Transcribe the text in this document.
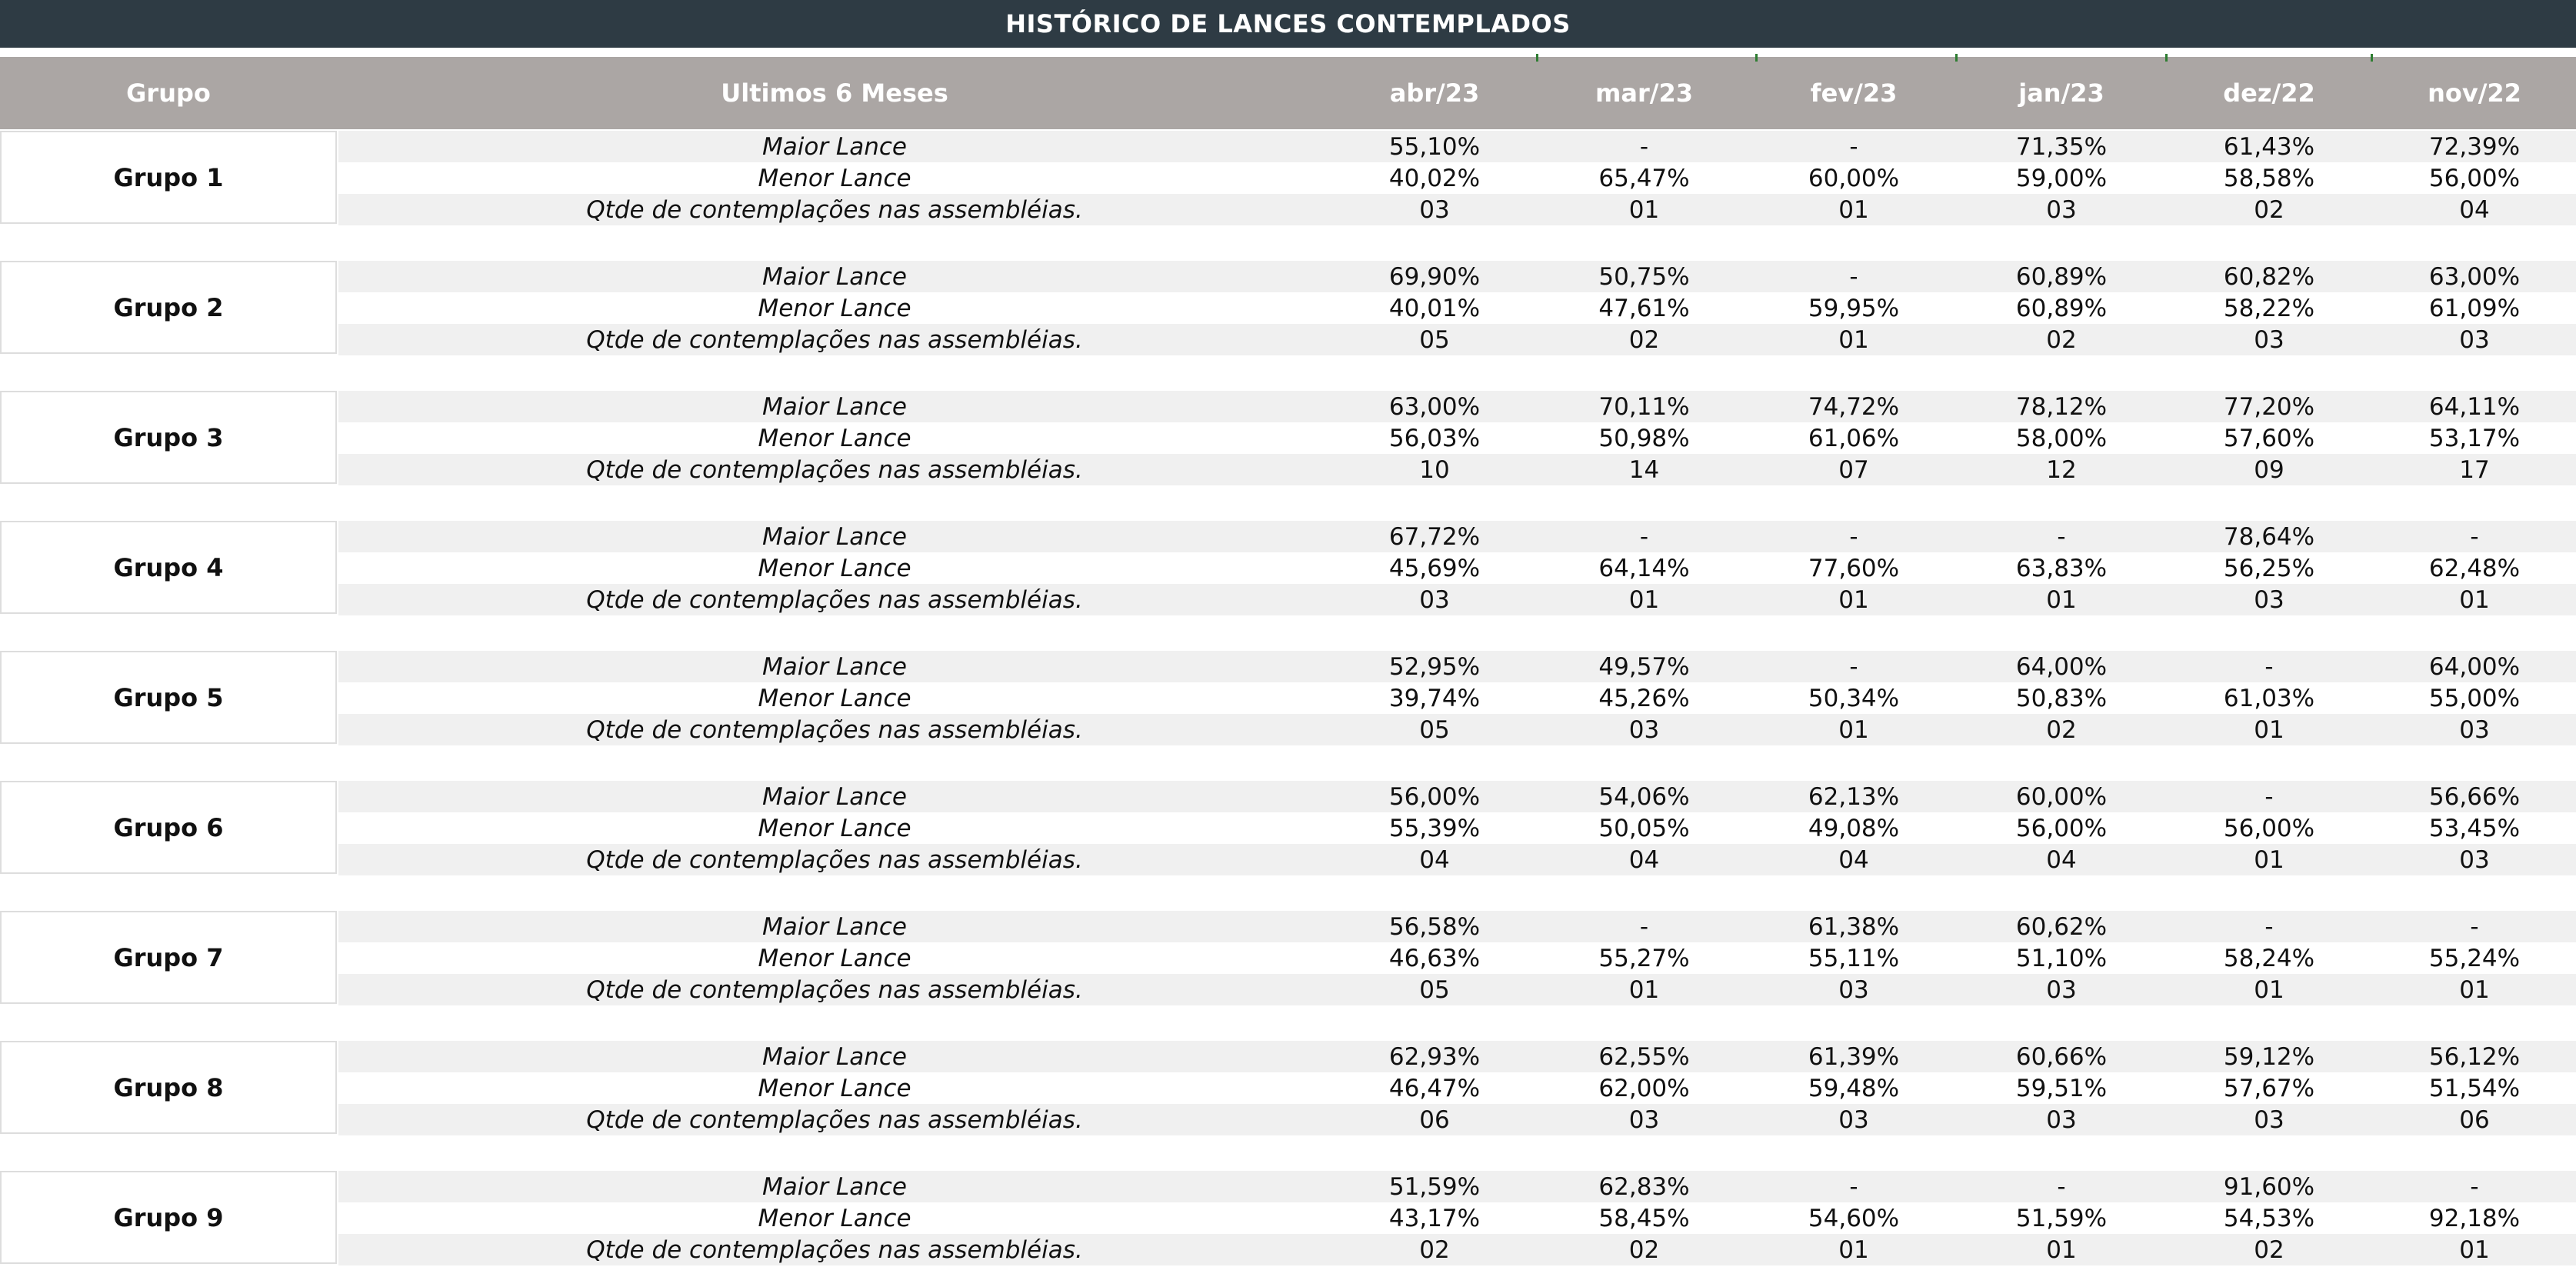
HISTÓRICO DE LANCES CONTEMPLADOS
Grupo	Ultimos 6 Meses	abr/23	mar/23	fev/23	jan/23	dez/22	nov/22
Grupo 1
Maior Lance	55,10%	-	-	71,35%	61,43%	72,39%
Menor Lance	40,02%	65,47%	60,00%	59,00%	58,58%	56,00%
Qtde de contemplações nas assembléias.	03	01	01	03	02	04
Grupo 2
Maior Lance	69,90%	50,75%	-	60,89%	60,82%	63,00%
Menor Lance	40,01%	47,61%	59,95%	60,89%	58,22%	61,09%
Qtde de contemplações nas assembléias.	05	02	01	02	03	03
Grupo 3
Maior Lance	63,00%	70,11%	74,72%	78,12%	77,20%	64,11%
Menor Lance	56,03%	50,98%	61,06%	58,00%	57,60%	53,17%
Qtde de contemplações nas assembléias.	10	14	07	12	09	17
Grupo 4
Maior Lance	67,72%	-	-	-	78,64%	-
Menor Lance	45,69%	64,14%	77,60%	63,83%	56,25%	62,48%
Qtde de contemplações nas assembléias.	03	01	01	01	03	01
Grupo 5
Maior Lance	52,95%	49,57%	-	64,00%	-	64,00%
Menor Lance	39,74%	45,26%	50,34%	50,83%	61,03%	55,00%
Qtde de contemplações nas assembléias.	05	03	01	02	01	03
Grupo 6
Maior Lance	56,00%	54,06%	62,13%	60,00%	-	56,66%
Menor Lance	55,39%	50,05%	49,08%	56,00%	56,00%	53,45%
Qtde de contemplações nas assembléias.	04	04	04	04	01	03
Grupo 7
Maior Lance	56,58%	-	61,38%	60,62%	-	-
Menor Lance	46,63%	55,27%	55,11%	51,10%	58,24%	55,24%
Qtde de contemplações nas assembléias.	05	01	03	03	01	01
Grupo 8
Maior Lance	62,93%	62,55%	61,39%	60,66%	59,12%	56,12%
Menor Lance	46,47%	62,00%	59,48%	59,51%	57,67%	51,54%
Qtde de contemplações nas assembléias.	06	03	03	03	03	06
Grupo 9
Maior Lance	51,59%	62,83%	-	-	91,60%	-
Menor Lance	43,17%	58,45%	54,60%	51,59%	54,53%	92,18%
Qtde de contemplações nas assembléias.	02	02	01	01	02	01
